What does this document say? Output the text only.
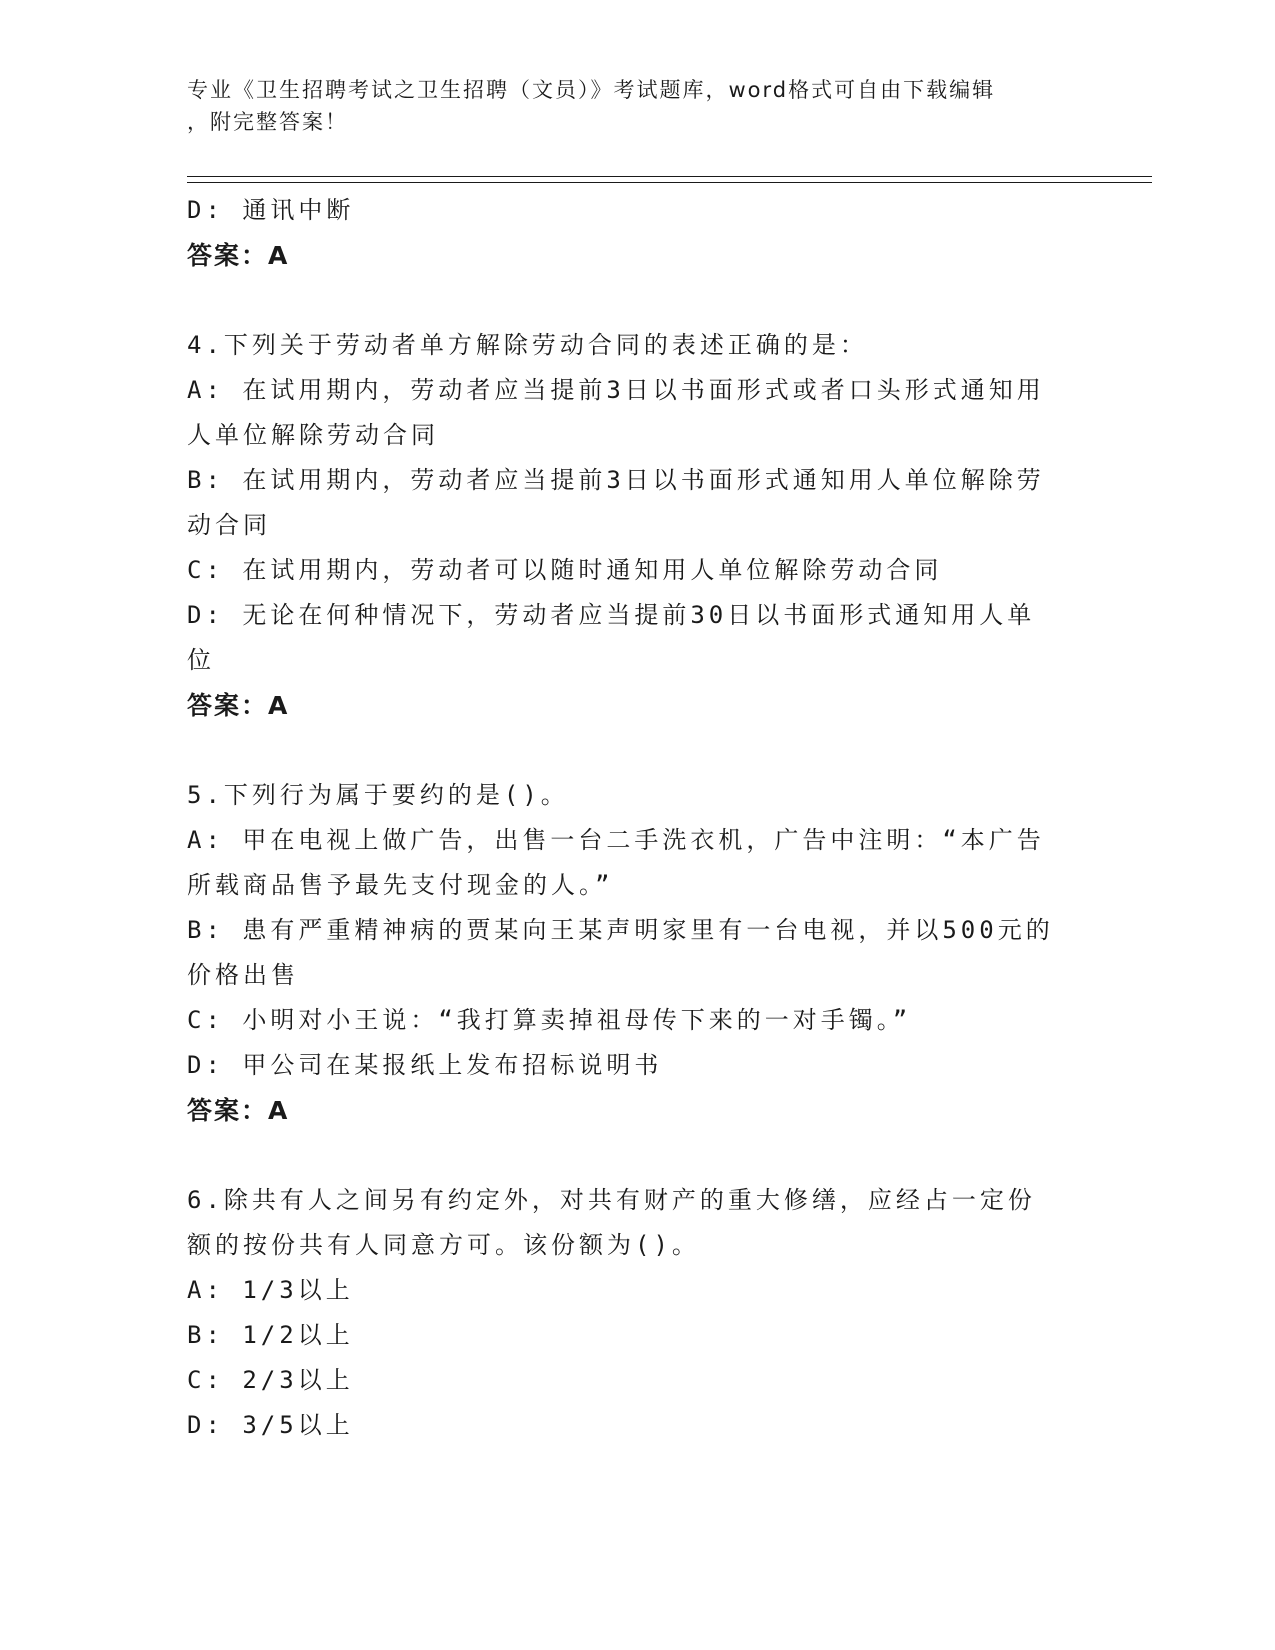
专业《卫生招聘考试之卫生招聘（文员）》考试题库，word格式可自由下载编辑
，附完整答案！
D: 通讯中断
答案：A
4.下列关于劳动者单方解除劳动合同的表述正确的是：
A: 在试用期内，劳动者应当提前3日以书面形式或者口头形式通知用
人单位解除劳动合同
B: 在试用期内，劳动者应当提前3日以书面形式通知用人单位解除劳
动合同
C: 在试用期内，劳动者可以随时通知用人单位解除劳动合同
D: 无论在何种情况下，劳动者应当提前30日以书面形式通知用人单
位
答案：A
5.下列行为属于要约的是()。
A: 甲在电视上做广告，出售一台二手洗衣机，广告中注明：“本广告
所载商品售予最先支付现金的人。”
B: 患有严重精神病的贾某向王某声明家里有一台电视，并以500元的
价格出售
C: 小明对小王说：“我打算卖掉祖母传下来的一对手镯。”
D: 甲公司在某报纸上发布招标说明书
答案：A
6.除共有人之间另有约定外，对共有财产的重大修缮，应经占一定份
额的按份共有人同意方可。该份额为()。
A: 1/3以上
B: 1/2以上
C: 2/3以上
D: 3/5以上
